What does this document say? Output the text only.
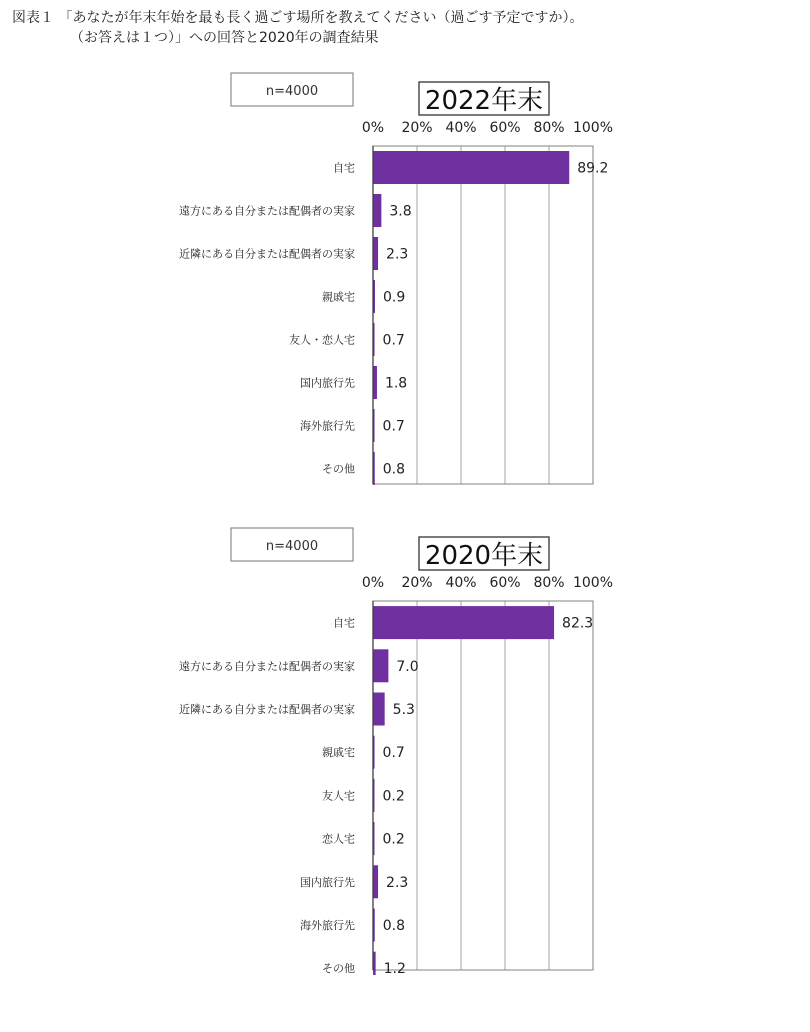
図表１ 「あなたが年末年始を最も長く過ごす場所を教えてください（過ごす予定ですか）。
（お答えは１つ）」への回答と2020年の調査結果
n=4000	2022年末
0% 20% 40% 60% 80% 100%
自宅	89.2
遠方にある自分または配偶者の実家 3.8
近隣にある自分または配偶者の実家 2.3
親戚宅 0.9
友人・恋人宅 0.7
国内旅行先 1.8
海外旅行先 0.7
その他 0.8
n=4000	2020年末
0% 20% 40% 60% 80% 100%
自宅	82.3
遠方にある自分または配偶者の実家	7.0
近隣にある自分または配偶者の実家	5.3
親戚宅 0.7
友人宅 0.2
恋人宅 0.2
国内旅行先 2.3
海外旅行先 0.8
その他 1.2
